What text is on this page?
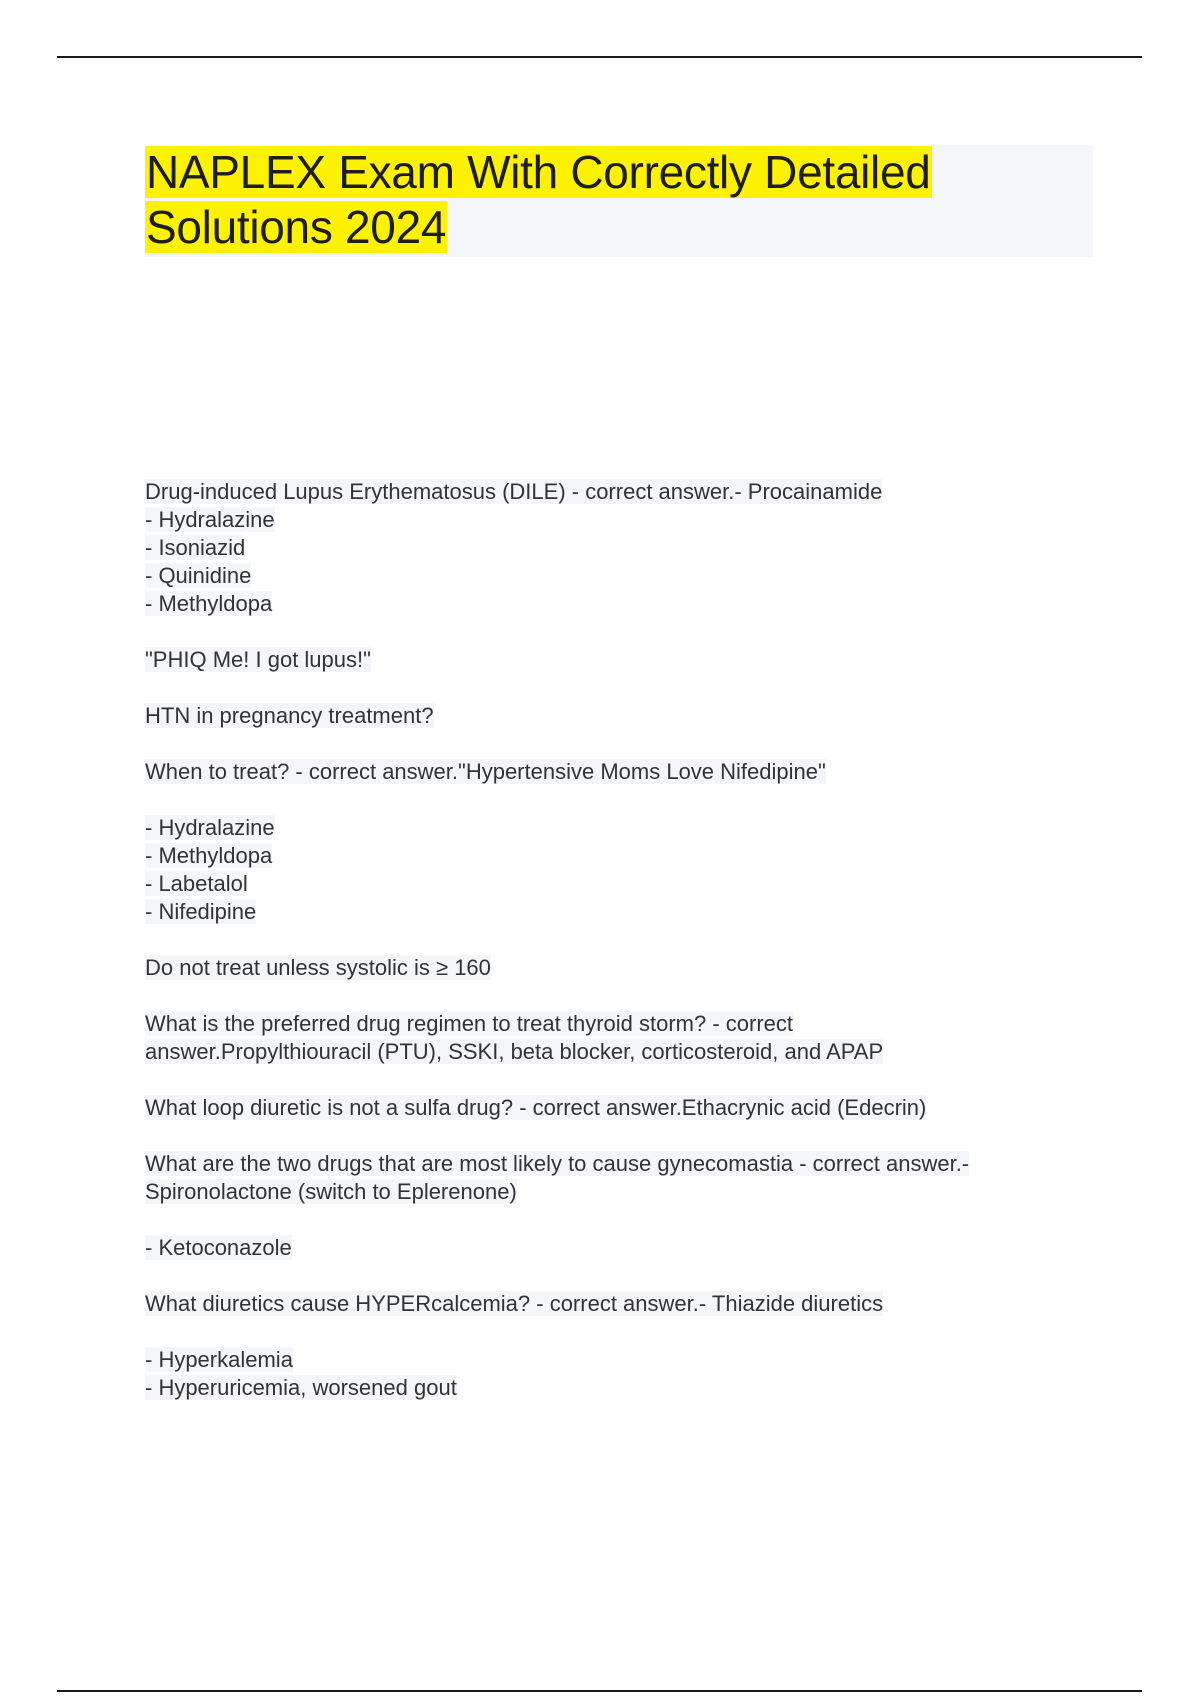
NAPLEX Exam With Correctly Detailed
Solutions 2024
Drug-induced Lupus Erythematosus (DILE) - correct answer.- Procainamide
- Hydralazine
- Isoniazid
- Quinidine
- Methyldopa
"PHIQ Me! I got lupus!"
HTN in pregnancy treatment?
When to treat? - correct answer."Hypertensive Moms Love Nifedipine"
- Hydralazine
- Methyldopa
- Labetalol
- Nifedipine
Do not treat unless systolic is ≥ 160
What is the preferred drug regimen to treat thyroid storm? - correct
answer.Propylthiouracil (PTU), SSKI, beta blocker, corticosteroid, and APAP
What loop diuretic is not a sulfa drug? - correct answer.Ethacrynic acid (Edecrin)
What are the two drugs that are most likely to cause gynecomastia - correct answer.-
Spironolactone (switch to Eplerenone)
- Ketoconazole
What diuretics cause HYPERcalcemia? - correct answer.- Thiazide diuretics
- Hyperkalemia
- Hyperuricemia, worsened gout
